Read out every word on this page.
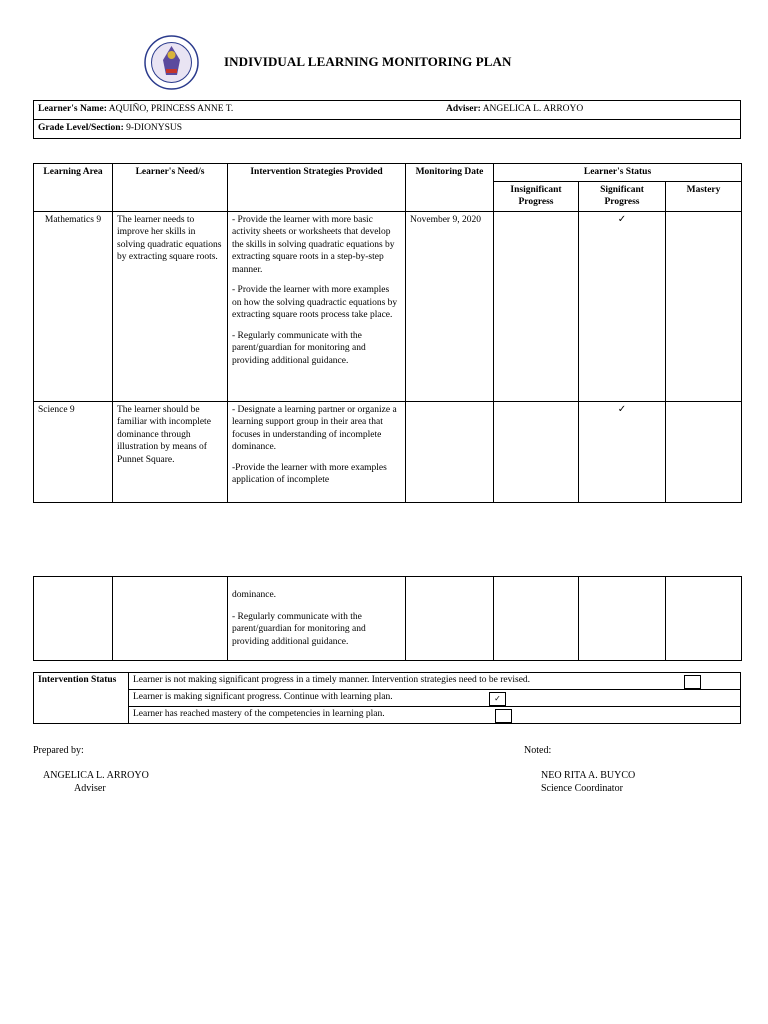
INDIVIDUAL LEARNING MONITORING PLAN
Learner's Name: AQUIÑO, PRINCESS ANNE T.	Adviser: ANGELICA L. ARROYO
Grade Level/Section: 9-DIONYSUS
Learning Area	Learner's Need/s	Intervention Strategies Provided	Monitoring Date	Learner's Status		
				Insignificant Progress	Significant Progress	Mastery
Mathematics 9	The learner needs to improve her skills in solving quadratic equations by extracting square roots.	- Provide the learner with more basic activity sheets or worksheets that develop the skills in solving quadratic equations by extracting square roots in a step-by-step manner.

- Provide the learner with more examples on how the solving quadractic equations by extracting square roots process take place.

- Regularly communicate with the parent/guardian for monitoring and providing additional guidance.	November 9, 2020		✓	
Science 9	The learner should be familiar with incomplete dominance through illustration by means of Punnet Square.	- Designate a learning partner or organize a learning support group in their area that focuses in understanding of incomplete dominance.

-Provide the learner with more examples application of incomplete			✓	

dominance.

- Regularly communicate with the parent/guardian for monitoring and providing additional guidance.

Intervention Status	Learner is not making significant progress in a timely manner. Intervention strategies need to be revised.

Learner is making significant progress. Continue with learning plan.	✓

Learner has reached mastery of the competencies in learning plan.
Prepared by:
ANGELICA L. ARROYO
Adviser
Noted:
NEO RITA A. BUYCO
Science Coordinator
